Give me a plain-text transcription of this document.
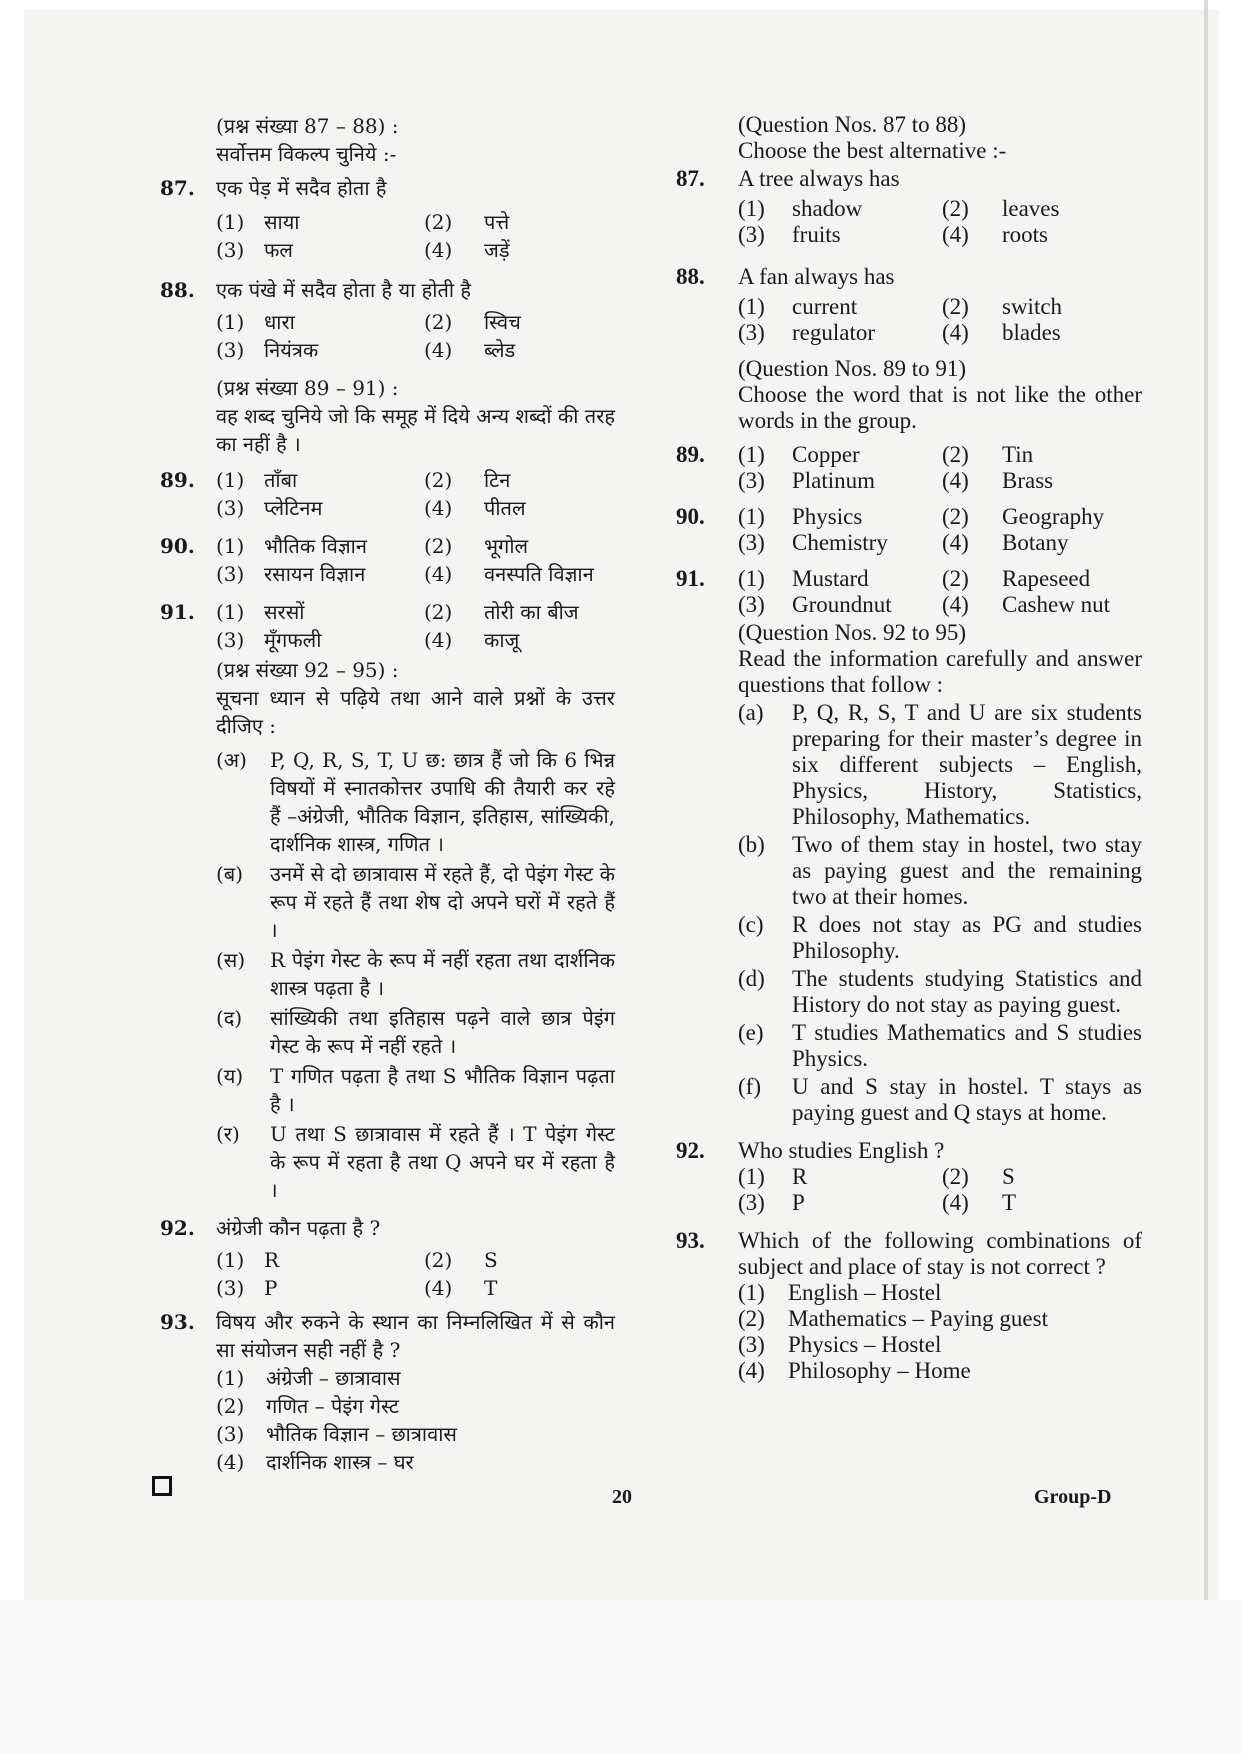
(प्रश्न संख्या 87 – 88) :
सर्वोत्तम विकल्प चुनिये :-
87. एक पेड़ में सदैव होता है
(1) साया	(2)	पत्ते
(3) फल	(4)	जड़ें
88. एक पंखे में सदैव होता है या होती है
(1) धारा	(2)	स्विच
(3) नियंत्रक	(4)	ब्लेड
(प्रश्न संख्या 89 – 91) :
वह शब्द चुनिये जो कि समूह में दिये अन्य शब्दों की तरह का नहीं है ।
89. (1) ताँबा	(2)	टिन
(3) प्लेटिनम	(4)	पीतल
90. (1) भौतिक विज्ञान	(2)	भूगोल
(3) रसायन विज्ञान	(4)	वनस्पति विज्ञान
91. (1) सरसों	(2)	तोरी का बीज
(3) मूँगफली	(4)	काजू
(प्रश्न संख्या 92 – 95) :
सूचना ध्यान से पढ़िये तथा आने वाले प्रश्नों के उत्तर दीजिए :
(अ)	P, Q, R, S, T, U छ: छात्र हैं जो कि 6 भिन्न विषयों में स्नातकोत्तर उपाधि की तैयारी कर रहे हैं –अंग्रेजी, भौतिक विज्ञान, इतिहास, सांख्यिकी, दार्शनिक शास्त्र, गणित ।
(ब)	उनमें से दो छात्रावास में रहते हैं, दो पेइंग गेस्ट के रूप में रहते हैं तथा शेष दो अपने घरों में रहते हैं ।
(स)	R पेइंग गेस्ट के रूप में नहीं रहता तथा दार्शनिक शास्त्र पढ़ता है ।
(द)	सांख्यिकी तथा इतिहास पढ़ने वाले छात्र पेइंग गेस्ट के रूप में नहीं रहते ।
(य)	T गणित पढ़ता है तथा S भौतिक विज्ञान पढ़ता है ।
(र)	U तथा S छात्रावास में रहते हैं । T पेइंग गेस्ट के रूप में रहता है तथा Q अपने घर में रहता है ।
92. अंग्रेजी कौन पढ़ता है ?
(1) R	(2)	S
(3) P	(4)	T
93. विषय और रुकने के स्थान का निम्नलिखित में से कौन सा संयोजन सही नहीं है ?
(1)	अंग्रेजी – छात्रावास
(2)	गणित – पेइंग गेस्ट
(3)	भौतिक विज्ञान – छात्रावास
(4)	दार्शनिक शास्त्र – घर
(Question Nos. 87 to 88)
Choose the best alternative :-
87. A tree always has
(1)	shadow	(2)	leaves
(3)	fruits	(4)	roots
88. A fan always has
(1)	current	(2)	switch
(3)	regulator	(4)	blades
(Question Nos. 89 to 91)
Choose the word that is not like the other words in the group.
89. (1)	Copper	(2)	Tin
(3)	Platinum	(4)	Brass
90. (1)	Physics	(2)	Geography
(3)	Chemistry	(4)	Botany
91. (1)	Mustard	(2)	Rapeseed
(3)	Groundnut	(4)	Cashew nut
(Question Nos. 92 to 95)
Read the information carefully and answer questions that follow :
(a)	P, Q, R, S, T and U are six students preparing for their master’s degree in six different subjects – English, Physics, History, Statistics, Philosophy, Mathematics.
(b)	Two of them stay in hostel, two stay as paying guest and the remaining two at their homes.
(c)	R does not stay as PG and studies Philosophy.
(d)	The students studying Statistics and History do not stay as paying guest.
(e)	T studies Mathematics and S studies Physics.
(f)	U and S stay in hostel. T stays as paying guest and Q stays at home.
92. Who studies English ?
(1)	R	(2)	S
(3)	P	(4)	T
93. Which of the following combinations of subject and place of stay is not correct ?
(1)	English – Hostel
(2)	Mathematics – Paying guest
(3)	Physics – Hostel
(4)	Philosophy – Home
20	Group-D
